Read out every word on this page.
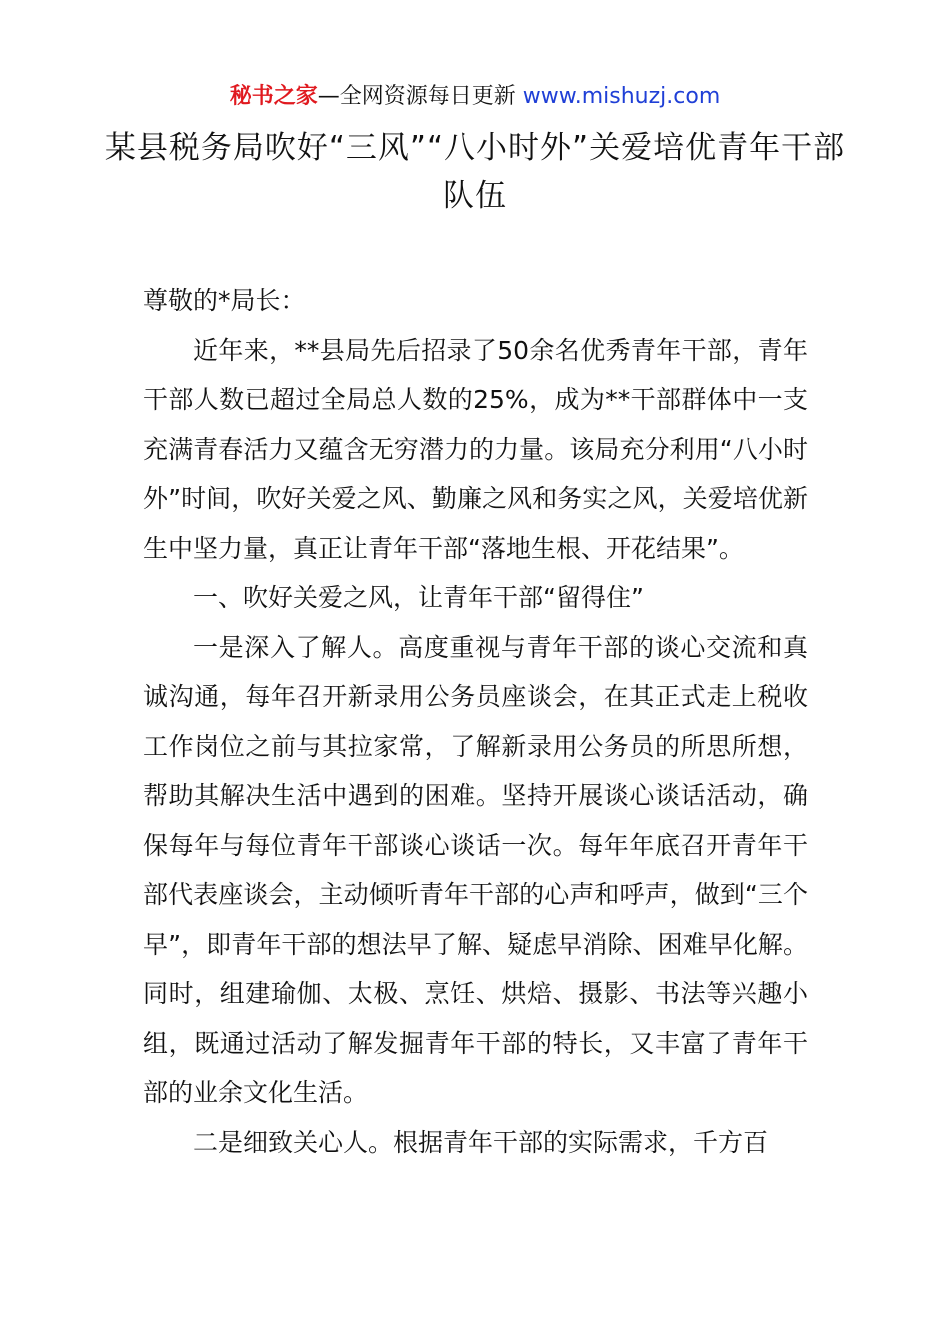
秘书之家—全网资源每日更新 www.mishuzj.com
某县税务局吹好“三风”“八小时外”关爱培优青年干部队伍

尊敬的*局长：

近年来，**县局先后招录了50余名优秀青年干部，青年干部人数已超过全局总人数的25%，成为**干部群体中一支充满青春活力又蕴含无穷潜力的力量。该局充分利用“八小时外”时间，吹好关爱之风、勤廉之风和务实之风，关爱培优新生中坚力量，真正让青年干部“落地生根、开花结果”。

一、吹好关爱之风，让青年干部“留得住”

一是深入了解人。高度重视与青年干部的谈心交流和真诚沟通，每年召开新录用公务员座谈会，在其正式走上税收工作岗位之前与其拉家常，了解新录用公务员的所思所想，帮助其解决生活中遇到的困难。坚持开展谈心谈话活动，确保每年与每位青年干部谈心谈话一次。每年年底召开青年干部代表座谈会，主动倾听青年干部的心声和呼声，做到“三个早”，即青年干部的想法早了解、疑虑早消除、困难早化解。同时，组建瑜伽、太极、烹饪、烘焙、摄影、书法等兴趣小组，既通过活动了解发掘青年干部的特长，又丰富了青年干部的业余文化生活。

二是细致关心人。根据青年干部的实际需求，千方百
